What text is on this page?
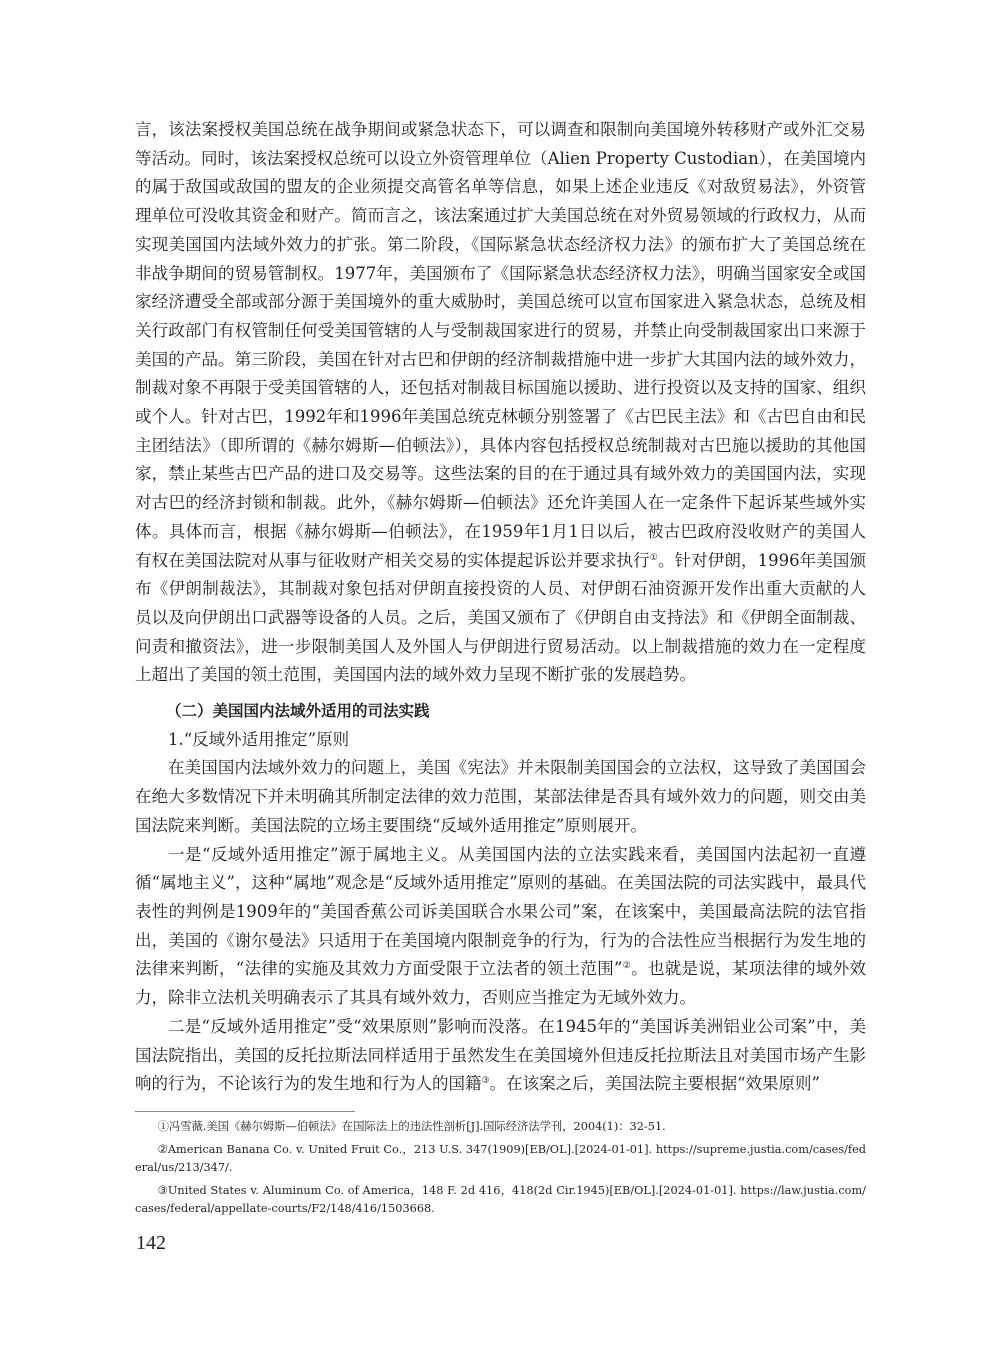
言，该法案授权美国总统在战争期间或紧急状态下，可以调查和限制向美国境外转移财产或外汇交易等活动。同时，该法案授权总统可以设立外资管理单位（Alien Property Custodian），在美国境内的属于敌国或敌国的盟友的企业须提交高管名单等信息，如果上述企业违反《对敌贸易法》，外资管理单位可没收其资金和财产。简而言之，该法案通过扩大美国总统在对外贸易领域的行政权力，从而实现美国国内法域外效力的扩张。第二阶段，《国际紧急状态经济权力法》的颁布扩大了美国总统在非战争期间的贸易管制权。1977年，美国颁布了《国际紧急状态经济权力法》，明确当国家安全或国家经济遭受全部或部分源于美国境外的重大威胁时，美国总统可以宣布国家进入紧急状态，总统及相关行政部门有权管制任何受美国管辖的人与受制裁国家进行的贸易，并禁止向受制裁国家出口来源于美国的产品。第三阶段，美国在针对古巴和伊朗的经济制裁措施中进一步扩大其国内法的域外效力，制裁对象不再限于受美国管辖的人，还包括对制裁目标国施以援助、进行投资以及支持的国家、组织或个人。针对古巴，1992年和1996年美国总统克林顿分别签署了《古巴民主法》和《古巴自由和民主团结法》（即所谓的《赫尔姆斯—伯顿法》），具体内容包括授权总统制裁对古巴施以援助的其他国家，禁止某些古巴产品的进口及交易等。这些法案的目的在于通过具有域外效力的美国国内法，实现对古巴的经济封锁和制裁。此外，《赫尔姆斯—伯顿法》还允许美国人在一定条件下起诉某些域外实体。具体而言，根据《赫尔姆斯—伯顿法》，在1959年1月1日以后，被古巴政府没收财产的美国人有权在美国法院对从事与征收财产相关交易的实体提起诉讼并要求执行①。针对伊朗，1996年美国颁布《伊朗制裁法》，其制裁对象包括对伊朗直接投资的人员、对伊朗石油资源开发作出重大贡献的人员以及向伊朗出口武器等设备的人员。之后，美国又颁布了《伊朗自由支持法》和《伊朗全面制裁、问责和撤资法》，进一步限制美国人及外国人与伊朗进行贸易活动。以上制裁措施的效力在一定程度上超出了美国的领土范围，美国国内法的域外效力呈现不断扩张的发展趋势。

（二）美国国内法域外适用的司法实践

1.“反域外适用推定”原则

在美国国内法域外效力的问题上，美国《宪法》并未限制美国国会的立法权，这导致了美国国会在绝大多数情况下并未明确其所制定法律的效力范围，某部法律是否具有域外效力的问题，则交由美国法院来判断。美国法院的立场主要围绕“反域外适用推定”原则展开。

一是“反域外适用推定”源于属地主义。从美国国内法的立法实践来看，美国国内法起初一直遵循“属地主义”，这种“属地”观念是“反域外适用推定”原则的基础。在美国法院的司法实践中，最具代表性的判例是1909年的“美国香蕉公司诉美国联合水果公司”案，在该案中，美国最高法院的法官指出，美国的《谢尔曼法》只适用于在美国境内限制竞争的行为，行为的合法性应当根据行为发生地的法律来判断，“法律的实施及其效力方面受限于立法者的领土范围”②。也就是说，某项法律的域外效力，除非立法机关明确表示了其具有域外效力，否则应当推定为无域外效力。

二是“反域外适用推定”受“效果原则”影响而没落。在1945年的“美国诉美洲铝业公司案”中，美国法院指出，美国的反托拉斯法同样适用于虽然发生在美国境外但违反托拉斯法且对美国市场产生影响的行为，不论该行为的发生地和行为人的国籍③。在该案之后，美国法院主要根据“效果原则”

①冯雪薇.美国《赫尔姆斯—伯顿法》在国际法上的违法性剖析[J].国际经济法学刊，2004(1)：32-51.

②American Banana Co. v. United Fruit Co.，213 U.S. 347(1909)[EB/OL].[2024-01-01]. https://supreme.justia.com/cases/federal/us/213/347/.

③United States v. Aluminum Co. of America，148 F. 2d 416，418(2d Cir.1945)[EB/OL].[2024-01-01]. https://law.justia.com/cases/federal/appellate-courts/F2/148/416/1503668.

142
